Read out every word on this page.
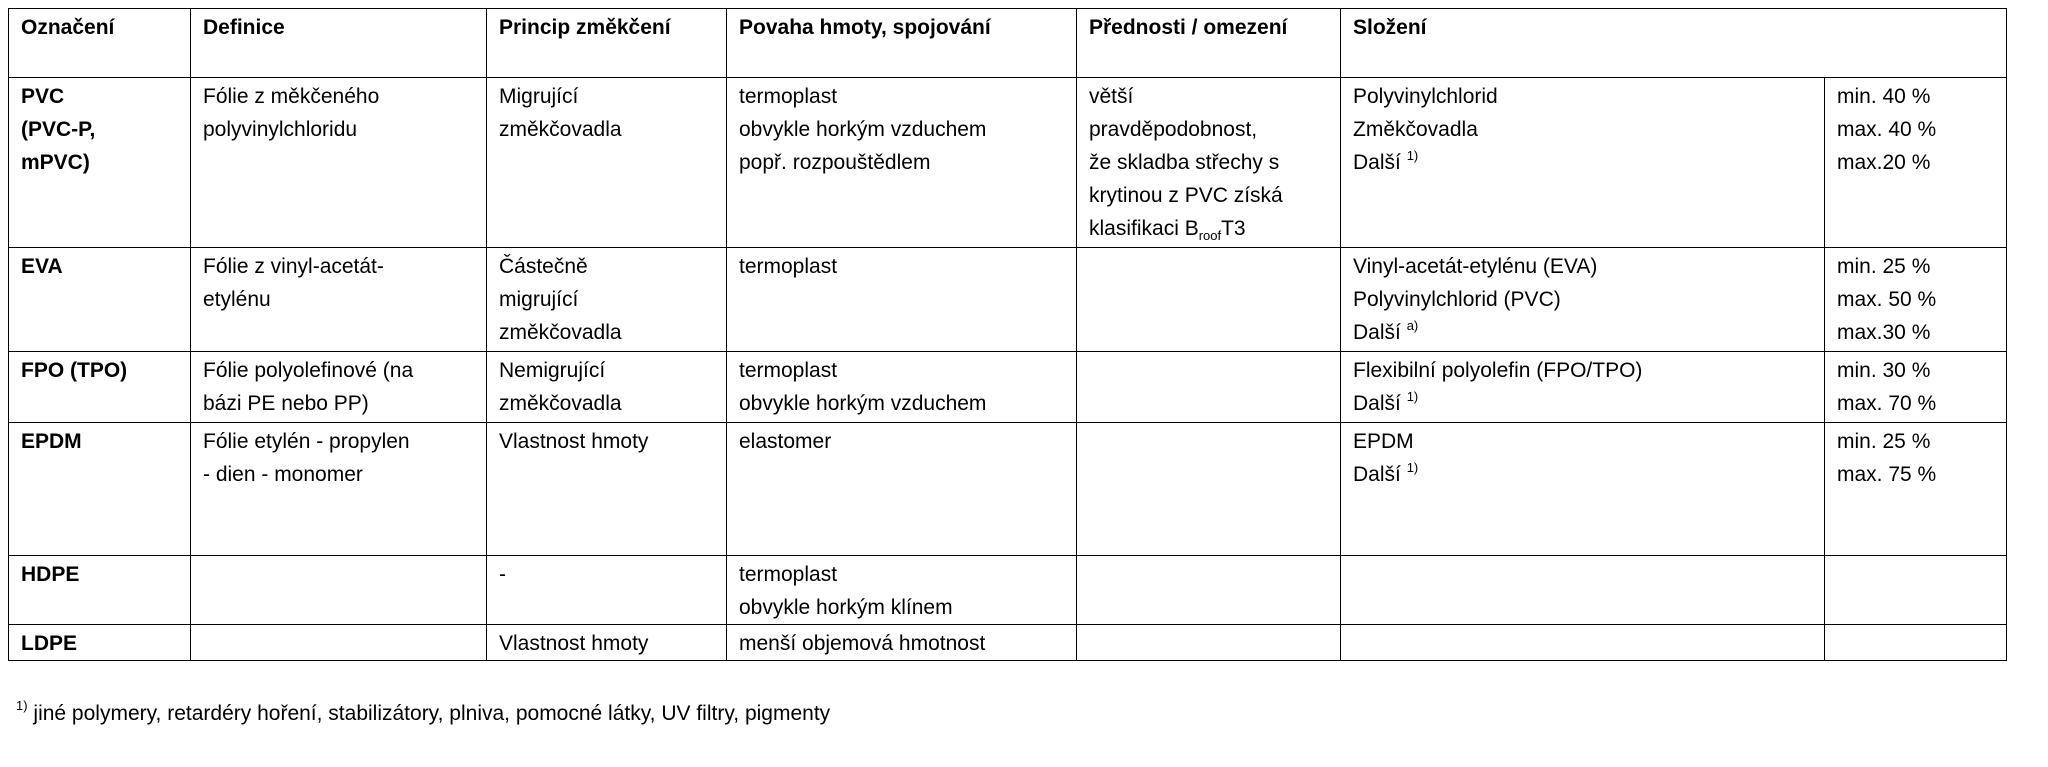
Označení	Definice	Princip změkčení	Povaha hmoty, spojování	Přednosti / omezení	Složení	

PVC
(PVC-P,
mPVC)	Fólie z měkčeného
polyvinylchloridu	Migrující
změkčovadla	termoplast
obvykle horkým vzduchem
popř. rozpouštědlem	větší
pravděpodobnost,
že skladba střechy s
krytinou z PVC získá
klasifikaci $B_{roof}T3$	Polyvinylchlorid
Změkčovadla
Další $^{1)}$	min. 40 %
max. 40 %
max.20 %

EVA	Fólie z vinyl-acetát-
etylénu	Částečně
migrující
změkčovadla	termoplast		Vinyl-acetát-etylénu (EVA)
Polyvinylchlorid (PVC)
Další $^{a)}$	min. 25 %
max. 50 %
max.30 %

FPO (TPO)	Fólie polyolefinové (na
bázi PE nebo PP)	Nemigrující
změkčovadla	termoplast
obvykle horkým vzduchem		Flexibilní polyolefin (FPO/TPO)
Další $^{1)}$	min. 30 %
max. 70 %

EPDM	Fólie etylén - propylen
- dien - monomer	Vlastnost hmoty	elastomer		EPDM
Další $^{1)}$	min. 25 %
max. 75 %

HDPE		-	termoplast
obvykle horkým klínem			

LDPE		Vlastnost hmoty	menší objemová hmotnost			

$^{1)}$ jiné polymery, retardéry hoření, stabilizátory, plniva, pomocné látky, UV filtry, pigmenty
